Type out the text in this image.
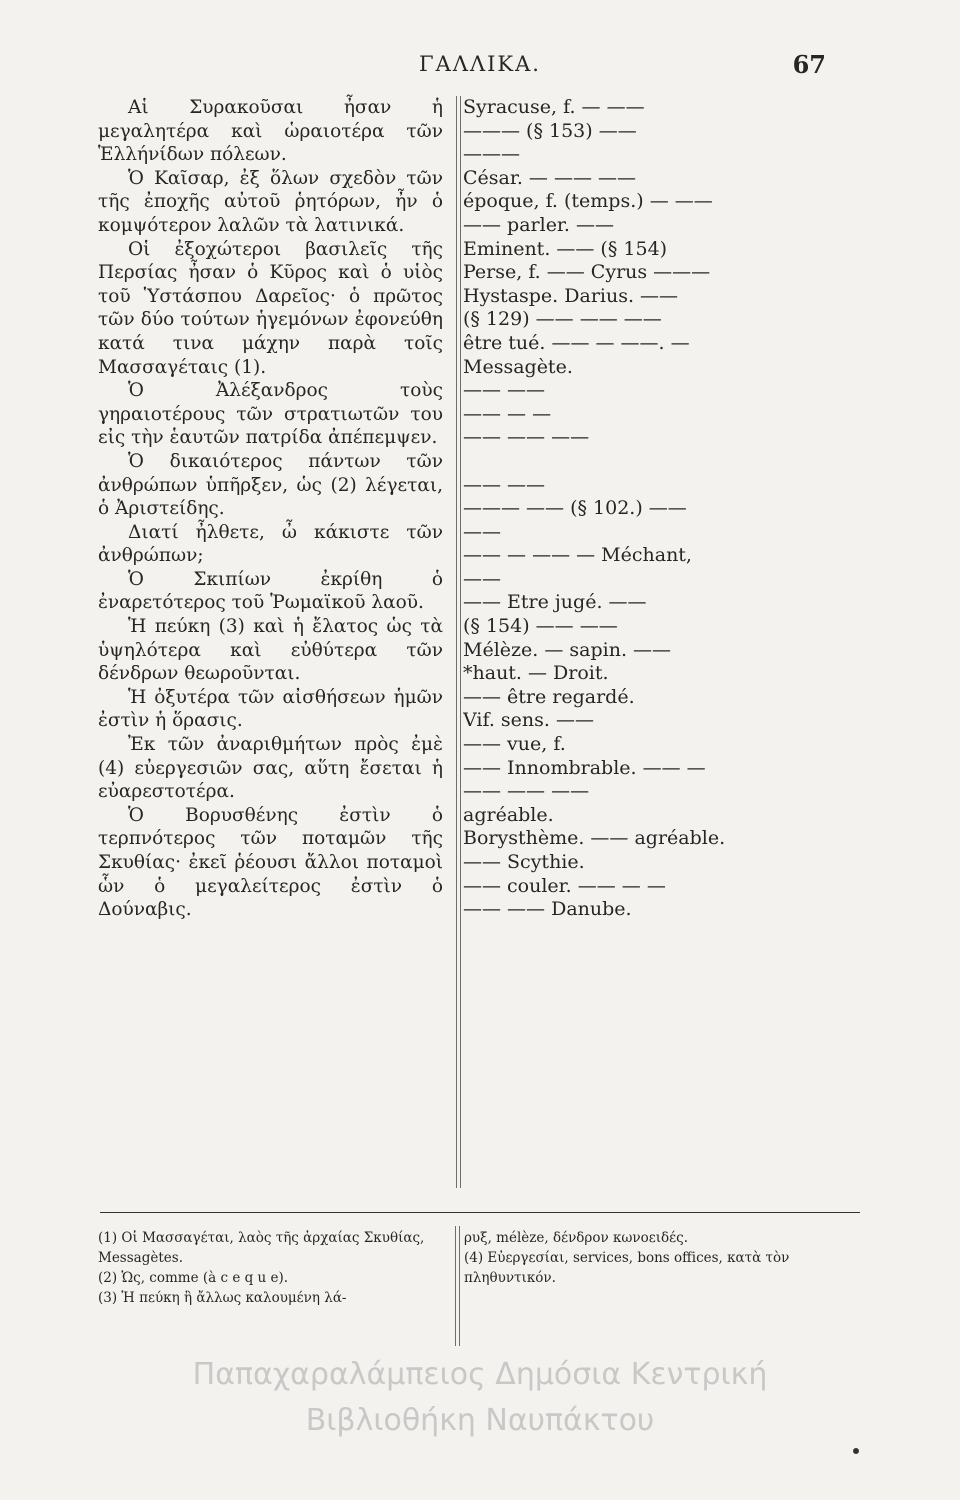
ΓΑΛΛΙΚΑ.	67

Αἱ Συρακοῦσαι ἦσαν ἡ μεγαλητέρα καὶ ὡραιοτέρα τῶν Ἑλλήνίδων πόλεων.

Ὁ Καῖσαρ, ἐξ ὅλων σχεδὸν τῶν τῆς ἐποχῆς αὐτοῦ ῥητόρων, ἦν ὁ κομψότερον λαλῶν τὰ λατινικά.

Οἱ ἐξοχώτεροι βασιλεῖς τῆς Περσίας ἦσαν ὁ Κῦρος καὶ ὁ υἱὸς τοῦ Ὑστάσπου Δαρεῖος· ὁ πρῶτος τῶν δύο τούτων ἡγεμόνων ἐφονεύθη κατά τινα μάχην παρὰ τοῖς Μασσαγέταις (1).

Ὁ Ἀλέξανδρος τοὺς γηραιοτέρους τῶν στρατιωτῶν του εἰς τὴν ἑαυτῶν πατρίδα ἀπέπεμψεν.

Ὁ δικαιότερος πάντων τῶν ἀνθρώπων ὑπῆρξεν, ὡς (2) λέγεται, ὁ Ἀριστείδης.

Διατί ἦλθετε, ὦ κάκιστε τῶν ἀνθρώπων;

Ὁ Σκιπίων ἐκρίθη ὁ ἐναρετότερος τοῦ Ῥωμαϊκοῦ λαοῦ.

Ἡ πεύκη (3) καὶ ἡ ἔλατος ὡς τὰ ὑψηλότερα καὶ εὐθύτερα τῶν δένδρων θεωροῦνται.

Ἡ ὀξυτέρα τῶν αἰσθήσεων ἡμῶν ἐστὶν ἡ ὅρασις.

Ἐκ τῶν ἀναριθμήτων πρὸς ἐμὲ (4) εὐεργεσιῶν σας, αὕτη ἔσεται ἡ εὐαρεστοτέρα.

Ὁ Βορυσθένης ἐστὶν ὁ τερπνότερος τῶν ποταμῶν τῆς Σκυθίας· ἐκεῖ ῥέουσι ἄλλοι ποταμοὶ ὧν ὁ μεγαλείτερος ἐστὶν ὁ Δούναβις.

Syracuse, f. — ——
——— (§ 153) ——
———
César. — —— ——
époque, f. (temps.) — ——
—— parler. ——
Eminent. —— (§ 154)
Perse, f. —— Cyrus ———
Hystaspe. Darius. ——
(§ 129) —— —— ——
être tué. —— — ——. —
Messagète.
—— ——
—— — —
—— —— ——
—— ——
——— —— (§ 102.) ——
——
—— — —— — Méchant,
——
—— Etre jugé. ——
(§ 154) —— ——
Mélèze. — sapin. ——
*haut. — Droit.
—— être regardé.
Vif. sens. ——
—— vue, f.
—— Innombrable. —— —
—— —— ——
agréable.
Borysthème. —— agréable.
—— Scythie.
—— couler. —— — —
—— —— Danube.

(1) Οἱ Μασσαγέται, λαὸς τῆς ἀρχαίας Σκυθίας, Messagètes.

(2) Ὡς, comme (à c e q u e).

(3) Ἡ πεύκη ἢ ἄλλως καλουμένη λά-

ρυξ, mélèze, δένδρον κωνοειδές.

(4) Εὐεργεσίαι, services, bons offices, κατὰ τὸν πληθυντικόν.

Παπαχαραλάμπειος Δημόσια Κεντρική
Βιβλιοθήκη Ναυπάκτου
